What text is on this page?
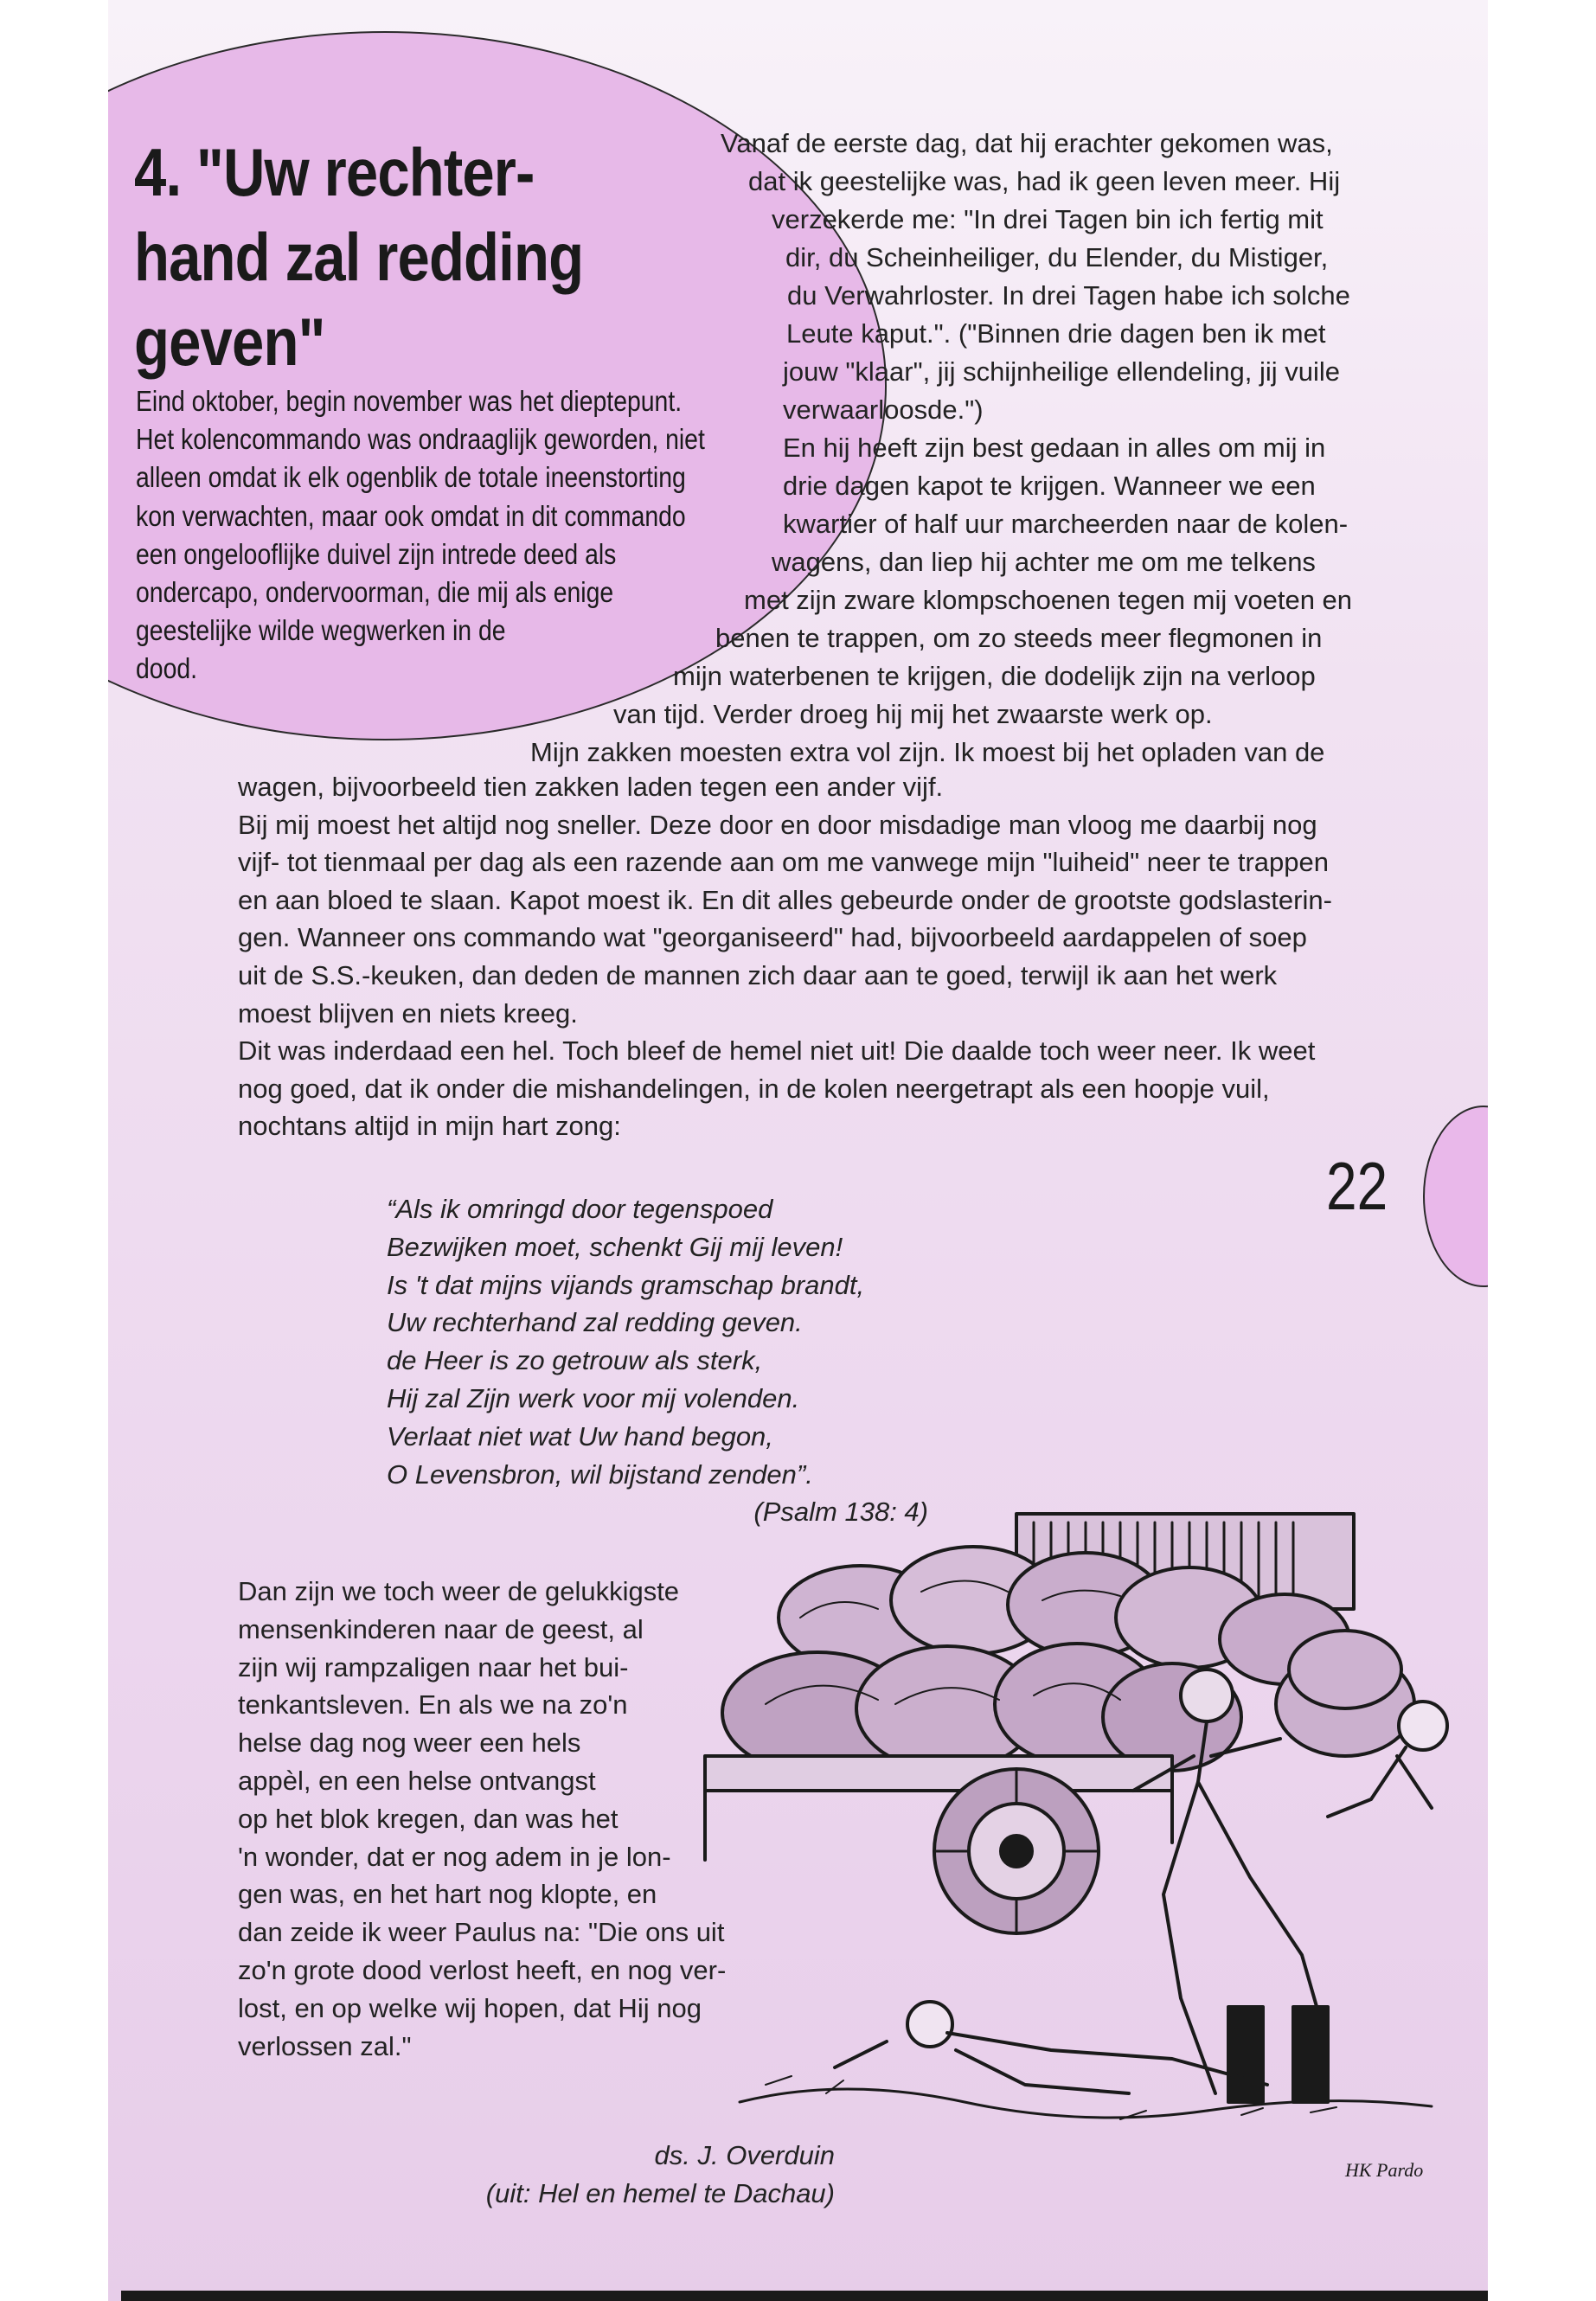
4. "Uw rechter-
hand zal redding
geven"
Eind oktober, begin november was het dieptepunt.
Het kolencommando was ondraaglijk geworden, niet
alleen omdat ik elk ogenblik de totale ineenstorting
kon verwachten, maar ook omdat in dit commando
een ongelooflijke duivel zijn intrede deed als
ondercapo, ondervoorman, die mij als enige
geestelijke wilde wegwerken in de
dood.
Vanaf de eerste dag, dat hij erachter gekomen was,
dat ik geestelijke was, had ik geen leven meer. Hij
verzekerde me: "In drei Tagen bin ich fertig mit
dir, du Scheinheiliger, du Elender, du Mistiger,
du Verwahrloster. In drei Tagen habe ich solche
Leute kaput.". ("Binnen drie dagen ben ik met
jouw "klaar", jij schijnheilige ellendeling, jij vuile
verwaarloosde.")
En hij heeft zijn best gedaan in alles om mij in
drie dagen kapot te krijgen. Wanneer we een
kwartier of half uur marcheerden naar de kolen-
wagens, dan liep hij achter me om me telkens
met zijn zware klompschoenen tegen mij voeten en
benen te trappen, om zo steeds meer flegmonen in
mijn waterbenen te krijgen, die dodelijk zijn na verloop
van tijd. Verder droeg hij mij het zwaarste werk op.
Mijn zakken moesten extra vol zijn. Ik moest bij het opladen van de
wagen, bijvoorbeeld tien zakken laden tegen een ander vijf.
Bij mij moest het altijd nog sneller. Deze door en door misdadige man vloog me daarbij nog
vijf- tot tienmaal per dag als een razende aan om me vanwege mijn "luiheid" neer te trappen
en aan bloed te slaan. Kapot moest ik. En dit alles gebeurde onder de grootste godslasterin-
gen. Wanneer ons commando wat "georganiseerd" had, bijvoorbeeld aardappelen of soep
uit de S.S.-keuken, dan deden de mannen zich daar aan te goed, terwijl ik aan het werk
moest blijven en niets kreeg.
Dit was inderdaad een hel. Toch bleef de hemel niet uit! Die daalde toch weer neer. Ik weet
nog goed, dat ik onder die mishandelingen, in de kolen neergetrapt als een hoopje vuil,
nochtans altijd in mijn hart zong:
“Als ik omringd door tegenspoed
Bezwijken moet, schenkt Gij mij leven!
Is 't dat mijns vijands gramschap brandt,
Uw rechterhand zal redding geven.
de Heer is zo getrouw als sterk,
Hij zal Zijn werk voor mij volenden.
Verlaat niet wat Uw hand begon,
O Levensbron, wil bijstand zenden”.
(Psalm 138: 4)
Dan zijn we toch weer de gelukkigste
mensenkinderen naar de geest, al
zijn wij rampzaligen naar het bui-
tenkantsleven. En als we na zo'n
helse dag nog weer een hels
appèl, en een helse ontvangst
op het blok kregen, dan was het
'n wonder, dat er nog adem in je lon-
gen was, en het hart nog klopte, en
dan zeide ik weer Paulus na: "Die ons uit
zo'n grote dood verlost heeft, en nog ver-
lost, en op welke wij hopen, dat Hij nog
verlossen zal."
ds. J. Overduin
(uit: Hel en hemel te Dachau)
HK Pardo
22
